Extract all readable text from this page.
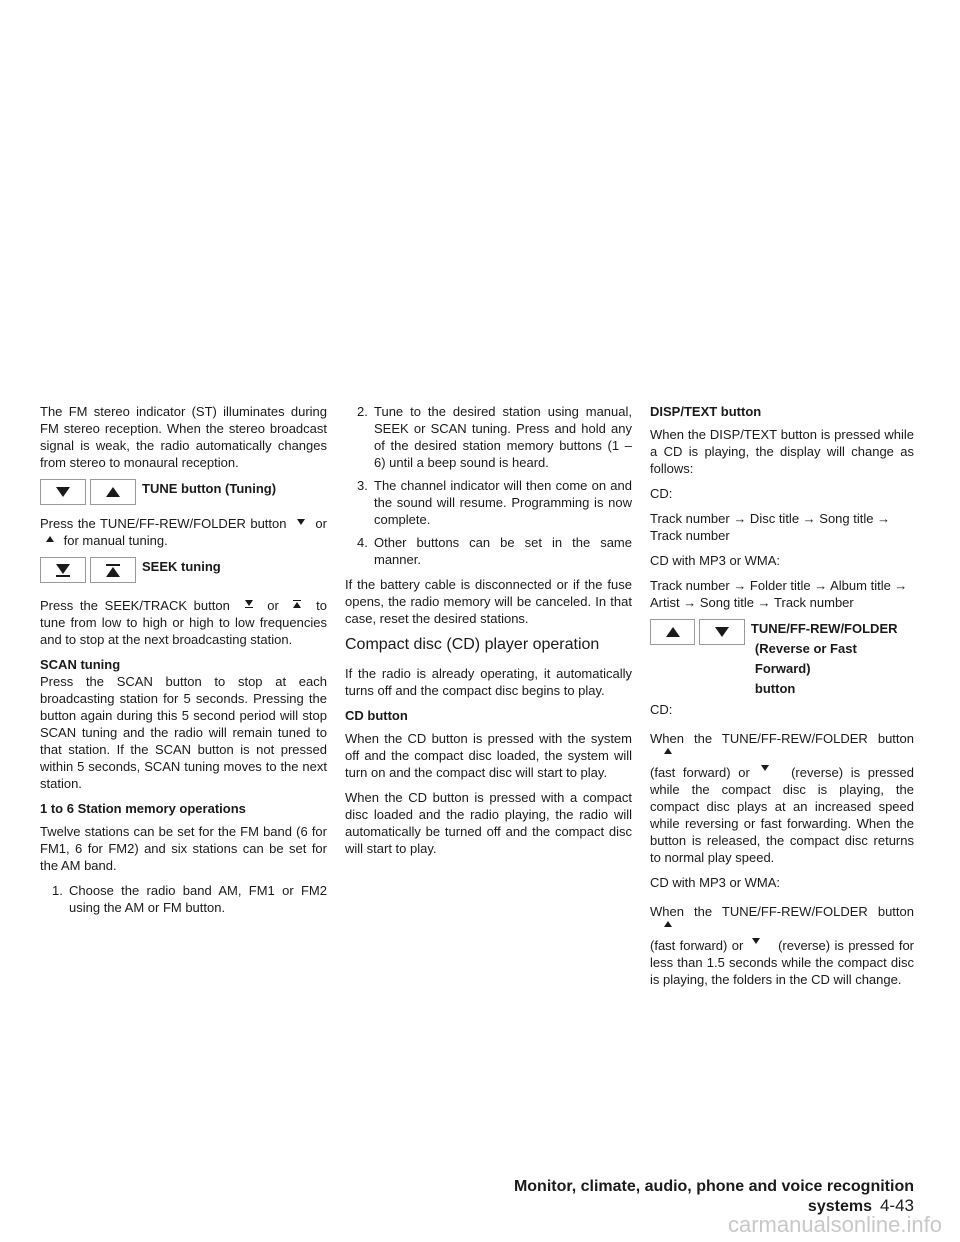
The FM stereo indicator (ST) illuminates during FM stereo reception. When the stereo broadcast signal is weak, the radio automatically changes from stereo to monaural reception.

TUNE button (Tuning)

Press the TUNE/FF-REW/FOLDER button or  for manual tuning.

SEEK tuning

Press the SEEK/TRACK button	or	to tune from low to high or high to low frequencies and to stop at the next broadcasting station.

SCAN tuning

Press the SCAN button to stop at each broadcasting station for 5 seconds. Pressing the button again during this 5 second period will stop SCAN tuning and the radio will remain tuned to that station. If the SCAN button is not pressed within 5 seconds, SCAN tuning moves to the next station.

1 to 6 Station memory operations

Twelve stations can be set for the FM band (6 for FM1, 6 for FM2) and six stations can be set for the AM band.

1. Choose the radio band AM, FM1 or FM2 using the AM or FM button.
2. Tune to the desired station using manual, SEEK or SCAN tuning. Press and hold any of the desired station memory buttons (1 – 6) until a beep sound is heard.
3. The channel indicator will then come on and the sound will resume. Programming is now complete.
4. Other buttons can be set in the same manner.

If the battery cable is disconnected or if the fuse opens, the radio memory will be canceled. In that case, reset the desired stations.

Compact disc (CD) player operation

If the radio is already operating, it automatically turns off and the compact disc begins to play.

CD button

When the CD button is pressed with the system off and the compact disc loaded, the system will turn on and the compact disc will start to play.

When the CD button is pressed with a compact disc loaded and the radio playing, the radio will automatically be turned off and the compact disc will start to play.

DISP/TEXT button

When the DISP/TEXT button is pressed while a CD is playing, the display will change as follows:

CD:

Track number → Disc title → Song title → Track number

CD with MP3 or WMA:

Track number → Folder title → Album title → Artist → Song title → Track number

TUNE/FF-REW/FOLDER
(Reverse or Fast Forward)
button

CD:

When the TUNE/FF-REW/FOLDER button
(fast forward) or	(reverse) is pressed while the compact disc is playing, the compact disc plays at an increased speed while reversing or fast forwarding. When the button is released, the compact disc returns to normal play speed.

CD with MP3 or WMA:

When the TUNE/FF-REW/FOLDER button
(fast forward) or	(reverse) is pressed for less than 1.5 seconds while the compact disc is playing, the folders in the CD will change.

Monitor, climate, audio, phone and voice recognition systems 4-43
carmanualsonline.info
